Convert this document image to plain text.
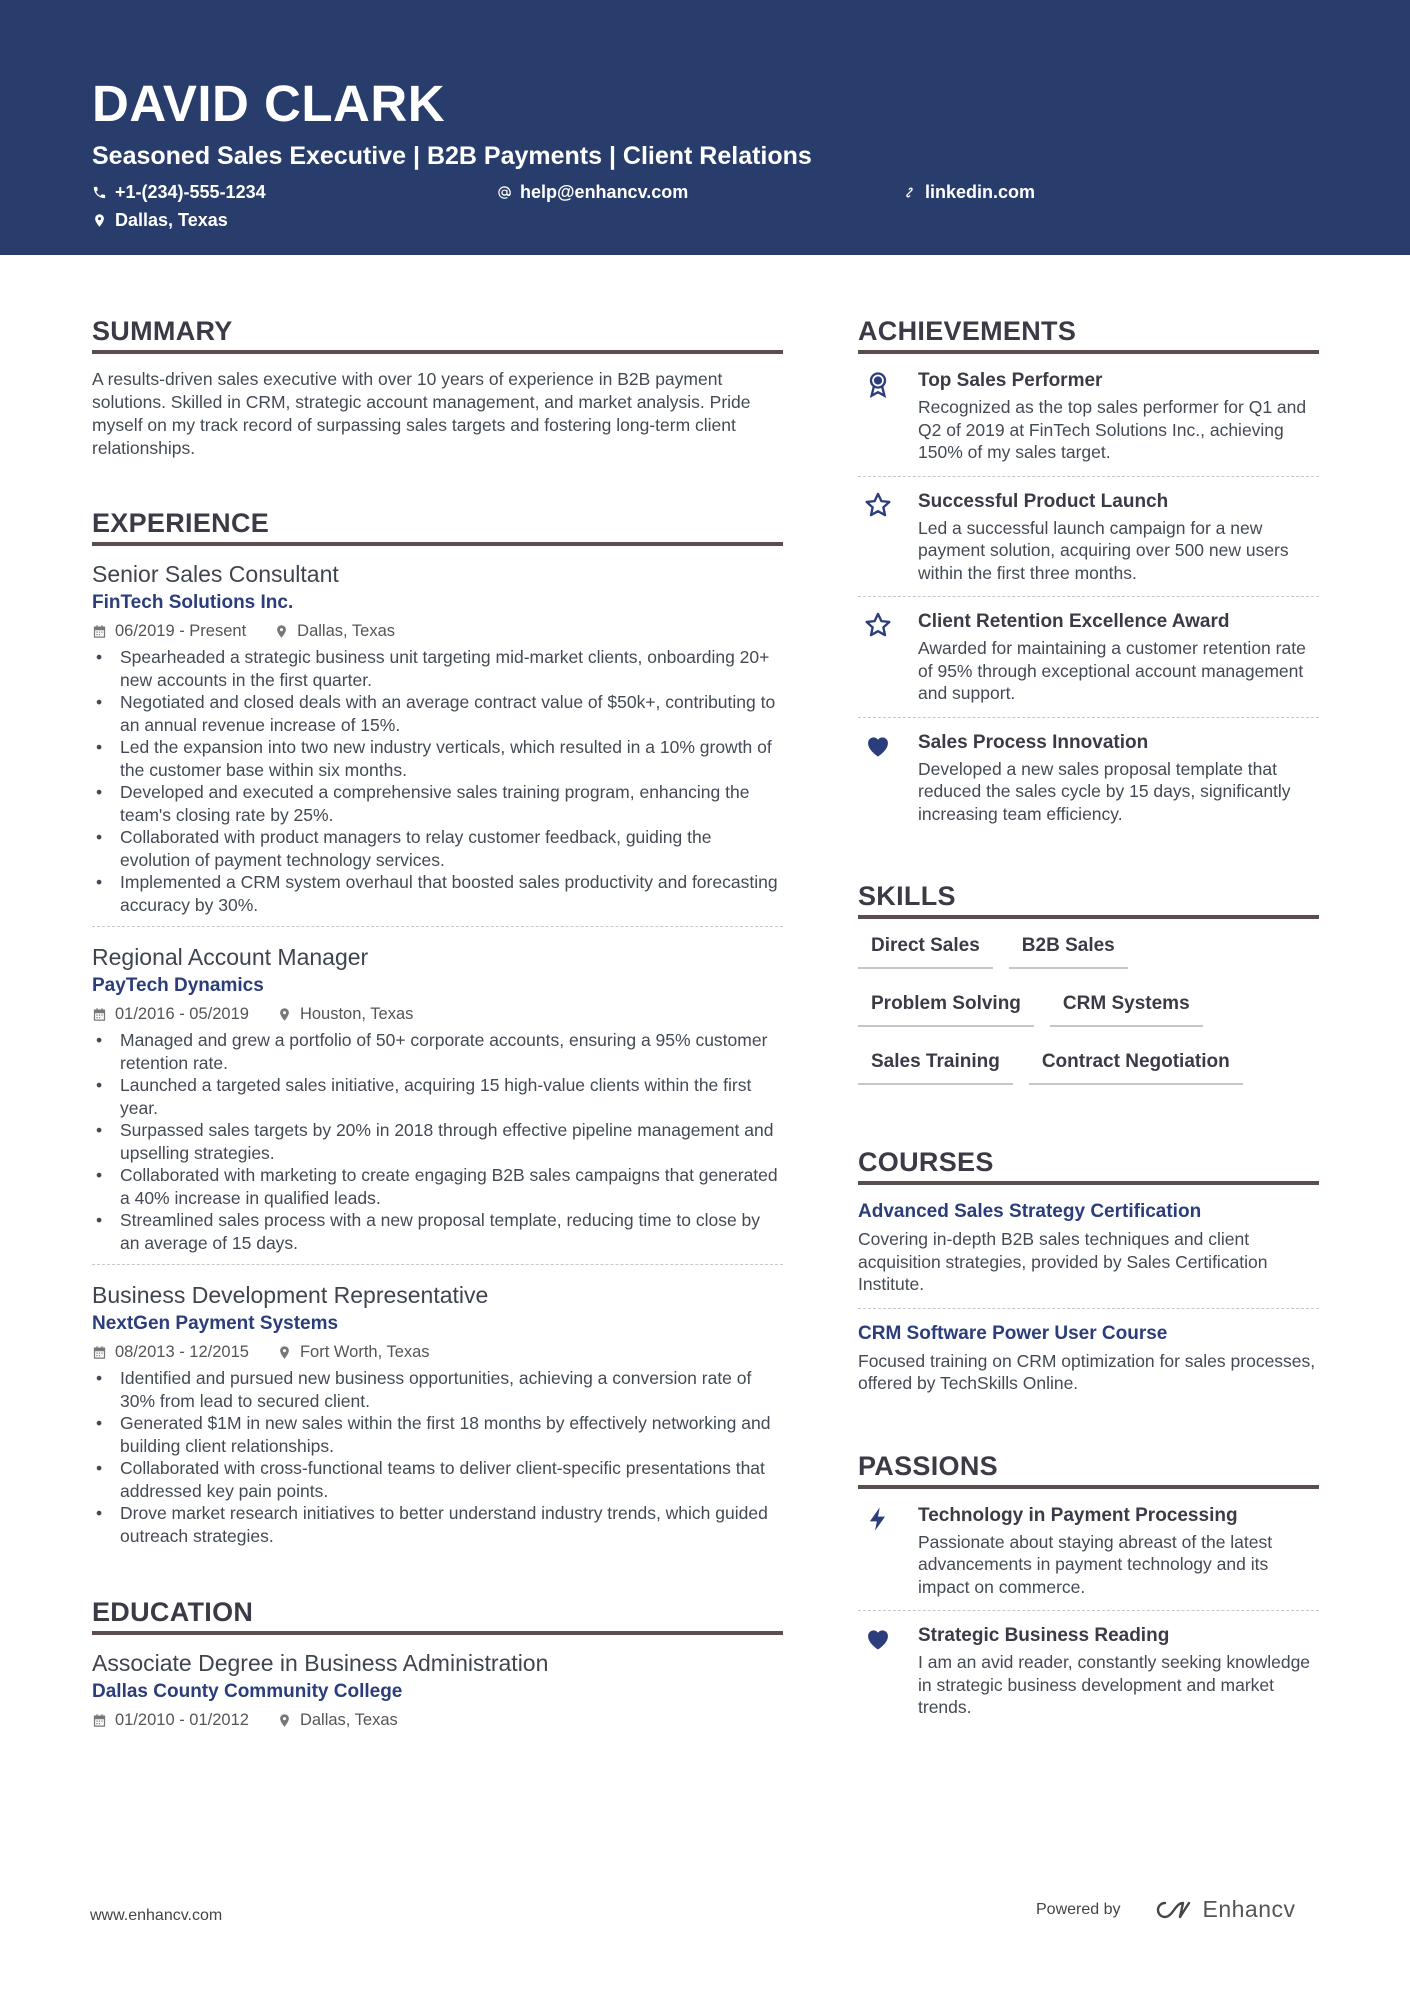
DAVID CLARK
Seasoned Sales Executive | B2B Payments | Client Relations
+1-(234)-555-1234	help@enhancv.com	linkedin.com
Dallas, Texas
SUMMARY

A results-driven sales executive with over 10 years of experience in B2B payment solutions. Skilled in CRM, strategic account management, and market analysis. Pride myself on my track record of surpassing sales targets and fostering long-term client relationships.

EXPERIENCE
Senior Sales Consultant
FinTech Solutions Inc.
06/2019 - Present	Dallas, Texas
• Spearheaded a strategic business unit targeting mid-market clients, onboarding 20+ new accounts in the first quarter.
• Negotiated and closed deals with an average contract value of $50k+, contributing to an annual revenue increase of 15%.
• Led the expansion into two new industry verticals, which resulted in a 10% growth of the customer base within six months.
• Developed and executed a comprehensive sales training program, enhancing the team's closing rate by 25%.
• Collaborated with product managers to relay customer feedback, guiding the evolution of payment technology services.
• Implemented a CRM system overhaul that boosted sales productivity and forecasting accuracy by 30%.
Regional Account Manager
PayTech Dynamics
01/2016 - 05/2019	Houston, Texas
• Managed and grew a portfolio of 50+ corporate accounts, ensuring a 95% customer retention rate.
• Launched a targeted sales initiative, acquiring 15 high-value clients within the first year.
• Surpassed sales targets by 20% in 2018 through effective pipeline management and upselling strategies.
• Collaborated with marketing to create engaging B2B sales campaigns that generated a 40% increase in qualified leads.
• Streamlined sales process with a new proposal template, reducing time to close by an average of 15 days.
Business Development Representative
NextGen Payment Systems
08/2013 - 12/2015	Fort Worth, Texas
• Identified and pursued new business opportunities, achieving a conversion rate of 30% from lead to secured client.
• Generated $1M in new sales within the first 18 months by effectively networking and building client relationships.
• Collaborated with cross-functional teams to deliver client-specific presentations that addressed key pain points.
• Drove market research initiatives to better understand industry trends, which guided outreach strategies.
EDUCATION
Associate Degree in Business Administration
Dallas County Community College
01/2010 - 01/2012	Dallas, Texas
ACHIEVEMENTS
Top Sales Performer
Recognized as the top sales performer for Q1 and Q2 of 2019 at FinTech Solutions Inc., achieving 150% of my sales target.
Successful Product Launch
Led a successful launch campaign for a new payment solution, acquiring over 500 new users within the first three months.
Client Retention Excellence Award
Awarded for maintaining a customer retention rate of 95% through exceptional account management and support.
Sales Process Innovation
Developed a new sales proposal template that reduced the sales cycle by 15 days, significantly increasing team efficiency.
SKILLS
Direct Sales	B2B Sales
Problem Solving	CRM Systems
Sales Training	Contract Negotiation
COURSES
Advanced Sales Strategy Certification
Covering in-depth B2B sales techniques and client acquisition strategies, provided by Sales Certification Institute.
CRM Software Power User Course
Focused training on CRM optimization for sales processes, offered by TechSkills Online.
PASSIONS
Technology in Payment Processing
Passionate about staying abreast of the latest advancements in payment technology and its impact on commerce.
Strategic Business Reading
I am an avid reader, constantly seeking knowledge in strategic business development and market trends.
www.enhancv.com	Powered by	Enhancv
